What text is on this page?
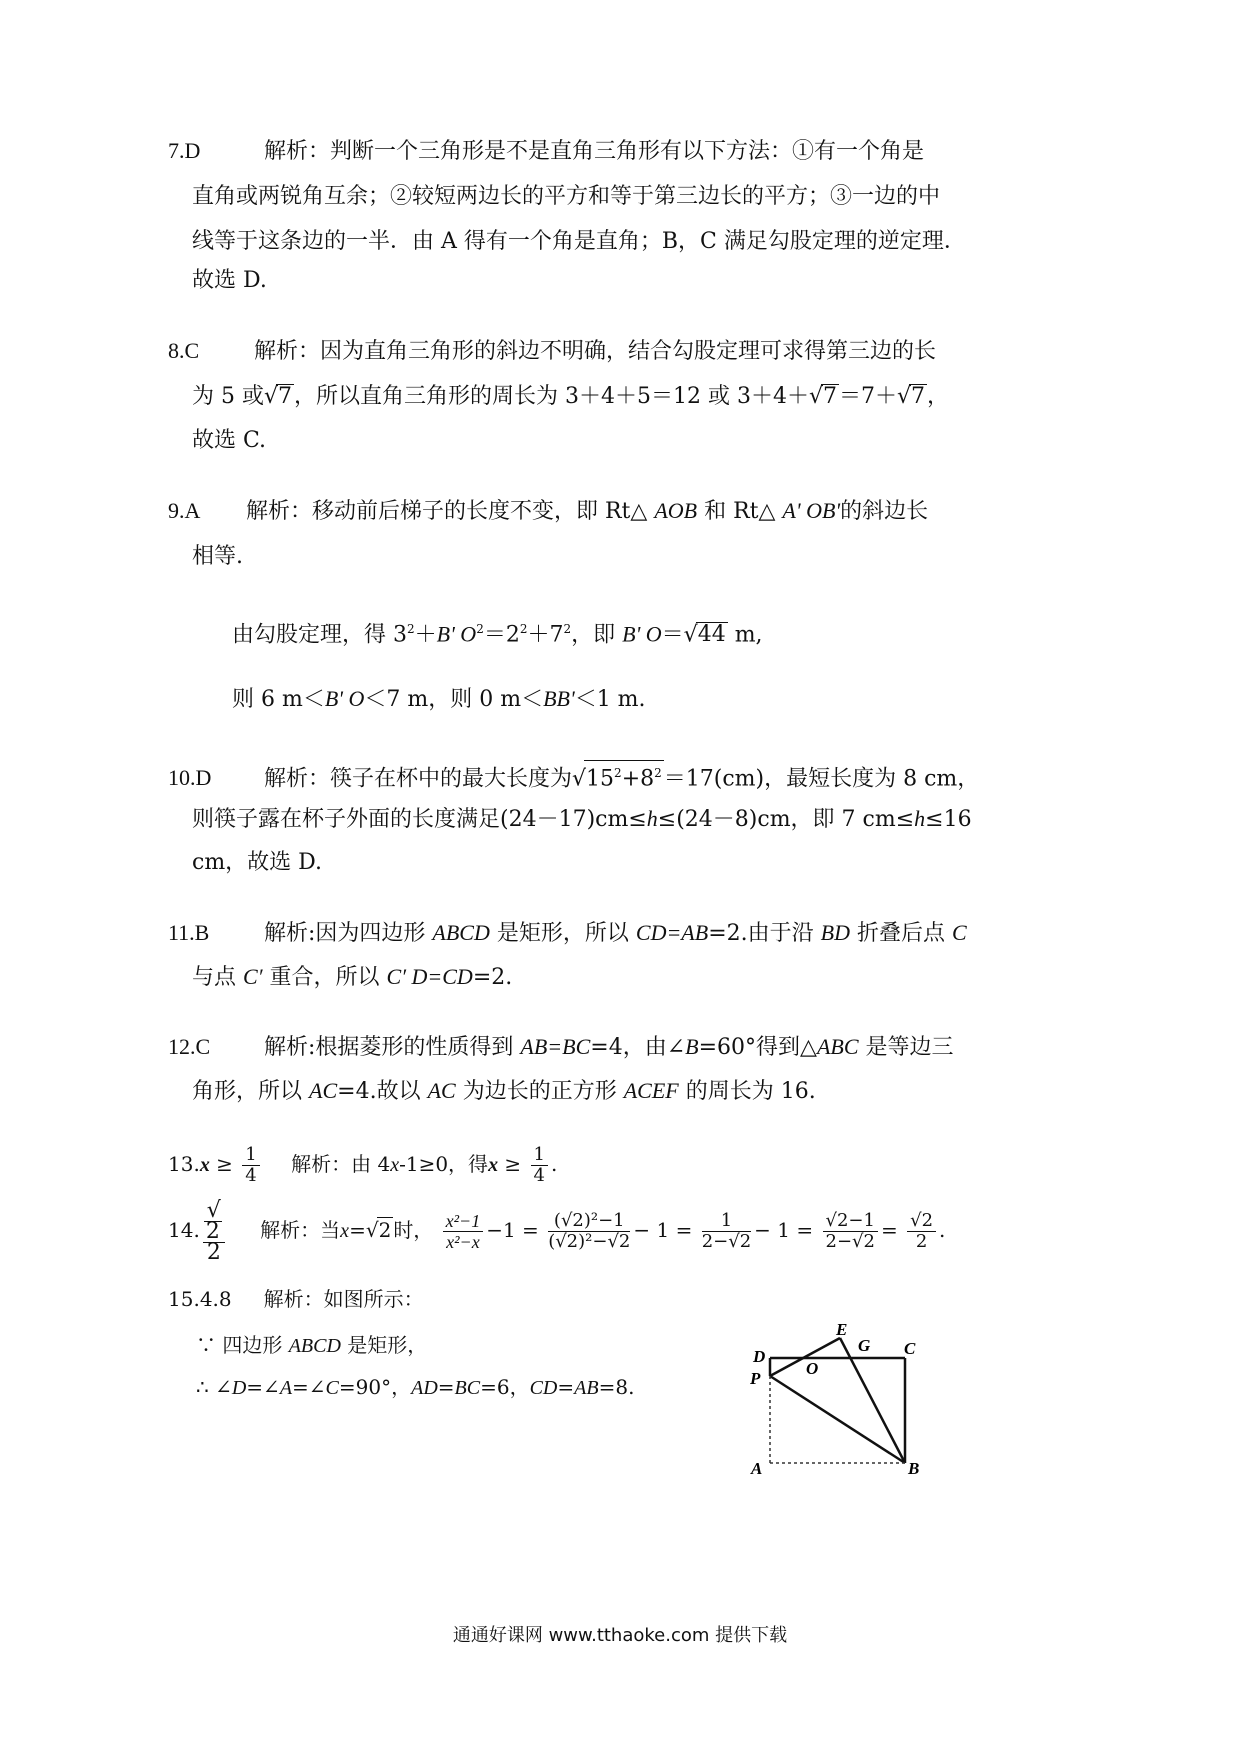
7.D	解析：判断一个三角形是不是直角三角形有以下方法：①有一个角是
直角或两锐角互余；②较短两边长的平方和等于第三边长的平方；③一边的中
线等于这条边的一半．由 A 得有一个角是直角；B，C 满足勾股定理的逆定理．
故选 D.
8.C 解析：因为直角三角形的斜边不明确，结合勾股定理可求得第三边的长
为 5 或√7，所以直角三角形的周长为 3＋4＋5＝12 或 3＋4＋√7＝7＋√7，
故选 C.
9.A 解析：移动前后梯子的长度不变，即 Rt△ AOB 和 Rt△ A' OB'的斜边长
相等.
由勾股定理，得 $3^2+B'$ $O^2=2^2+7^2$，即 B' O＝√44 m,
则 6 m＜B' O＜7 m，则 0 m＜BB'＜1 m.
10.D 解析：筷子在杯中的最大长度为$√15^2+8^2=17(cm)$，最短长度为 8 cm，
则筷子露在杯子外面的长度满足(24－17)cm≤h≤(24－8)cm，即 7 cm≤h≤16
cm，故选 D.
11.B 解析:因为四边形 ABCD 是矩形，所以 CD=AB=2.由于沿 BD 折叠后点 C
与点 C′ 重合，所以 C′ D=CD=2.
12.C 解析:根据菱形的性质得到 AB=BC=4，由∠B=60°得到△ABC 是等边三
角形，所以 AC=4.故以 AC 为边长的正方形 ACEF 的周长为 16.
$13.x \ge \frac{1}{4}$ 解析：由 4x-1≥0，得$x \ge \frac{1}{4}$ .
14. √
2
2 解析：当x=√2 时， $\frac{\text{x²−1}}{\text{x²−x}} -1 = \frac{\text{(√2)²−1}}{\text{(√2)²−√2}} - 1 = \frac{1}{2-√2} - 1 = \frac{√2-1}{2-√2} = \frac{√2}{2}$ .
15.4.8 解析：如图所示：
∵ 四边形 ABCD 是矩形，
∴ ∠D=∠A=∠C=90°，AD=BC=6，CD=AB=8.
D
E
G C
P
O
A	B
通通好课网 www.tthaoke.com 提供下载
